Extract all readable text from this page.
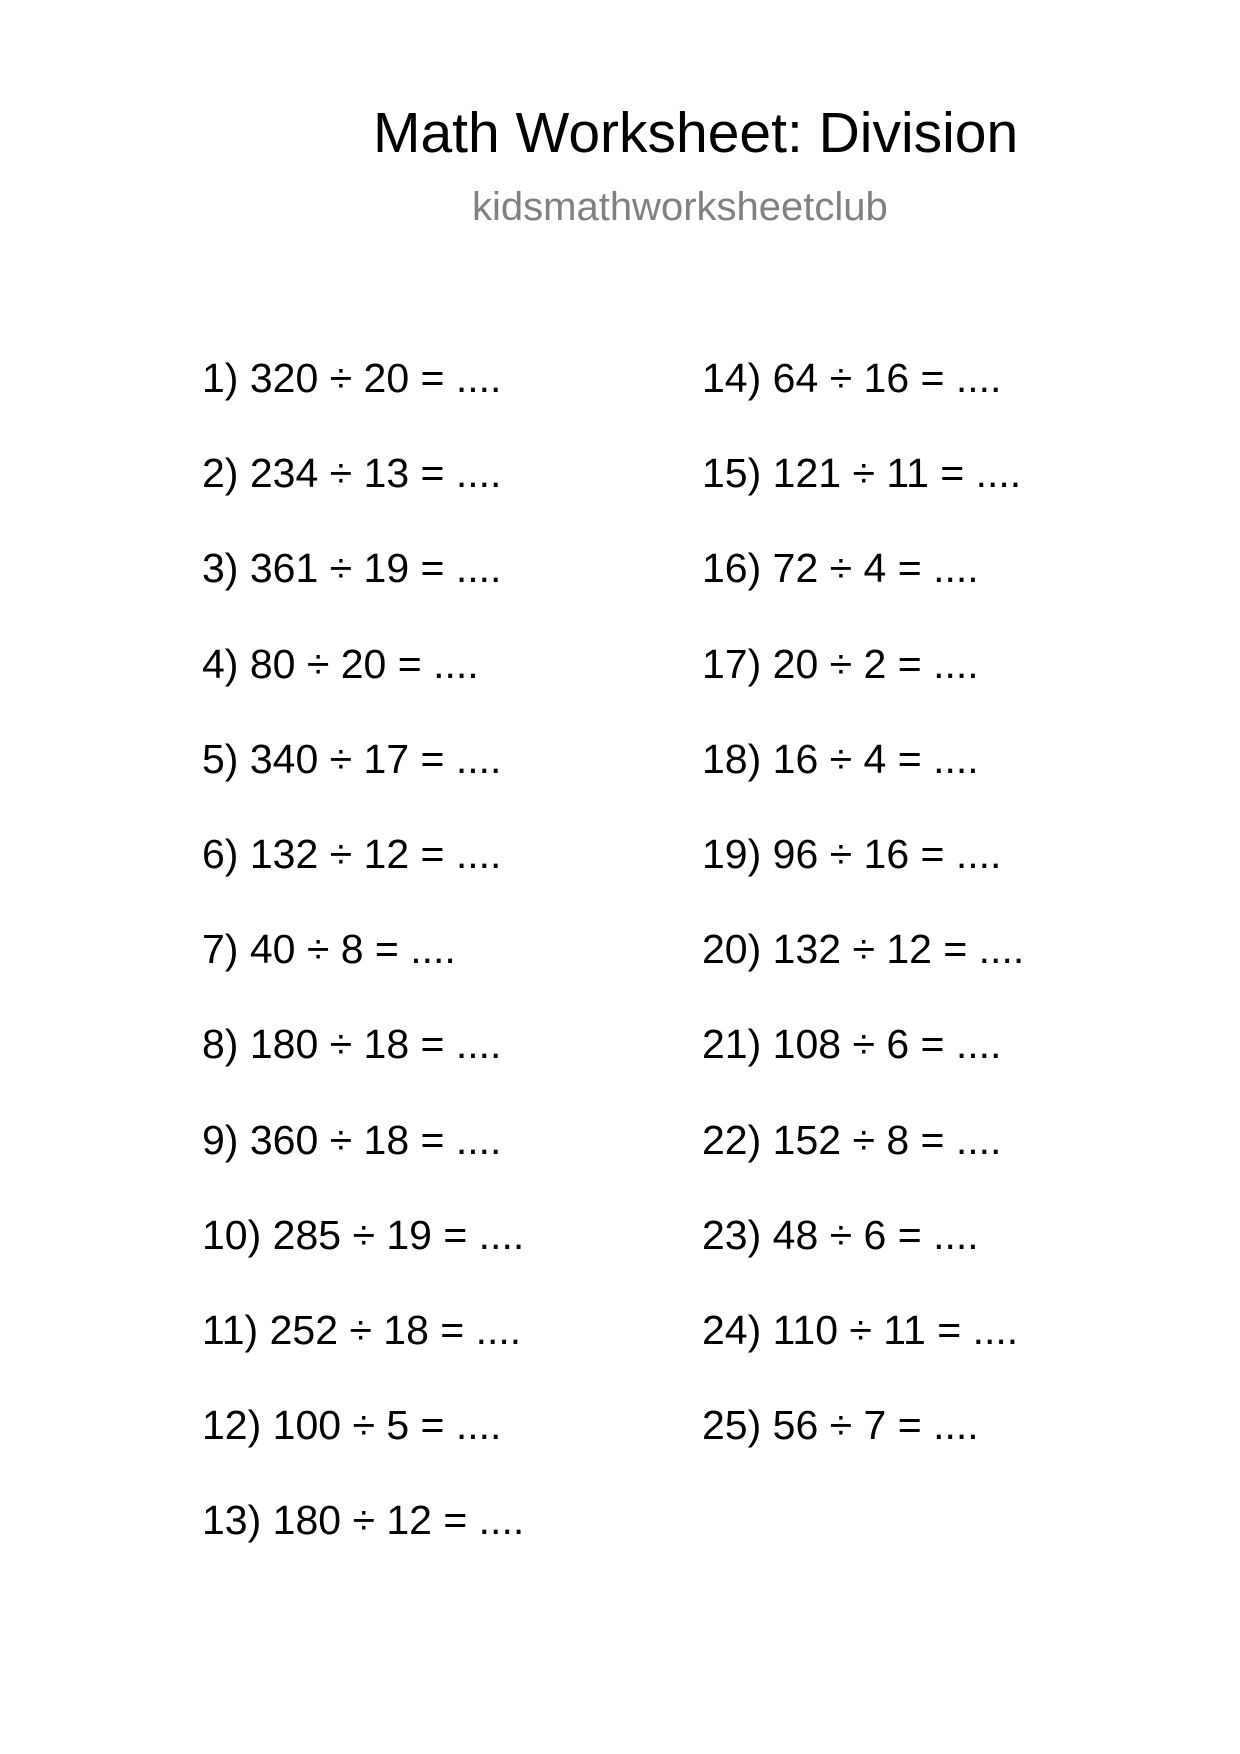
Math Worksheet: Division
kidsmathworksheetclub
1) 320 ÷ 20 = ....
2) 234 ÷ 13 = ....
3) 361 ÷ 19 = ....
4) 80 ÷ 20 = ....
5) 340 ÷ 17 = ....
6) 132 ÷ 12 = ....
7) 40 ÷ 8 = ....
8) 180 ÷ 18 = ....
9) 360 ÷ 18 = ....
10) 285 ÷ 19 = ....
11) 252 ÷ 18 = ....
12) 100 ÷ 5 = ....
13) 180 ÷ 12 = ....
14) 64 ÷ 16 = ....
15) 121 ÷ 11 = ....
16) 72 ÷ 4 = ....
17) 20 ÷ 2 = ....
18) 16 ÷ 4 = ....
19) 96 ÷ 16 = ....
20) 132 ÷ 12 = ....
21) 108 ÷ 6 = ....
22) 152 ÷ 8 = ....
23) 48 ÷ 6 = ....
24) 110 ÷ 11 = ....
25) 56 ÷ 7 = ....
